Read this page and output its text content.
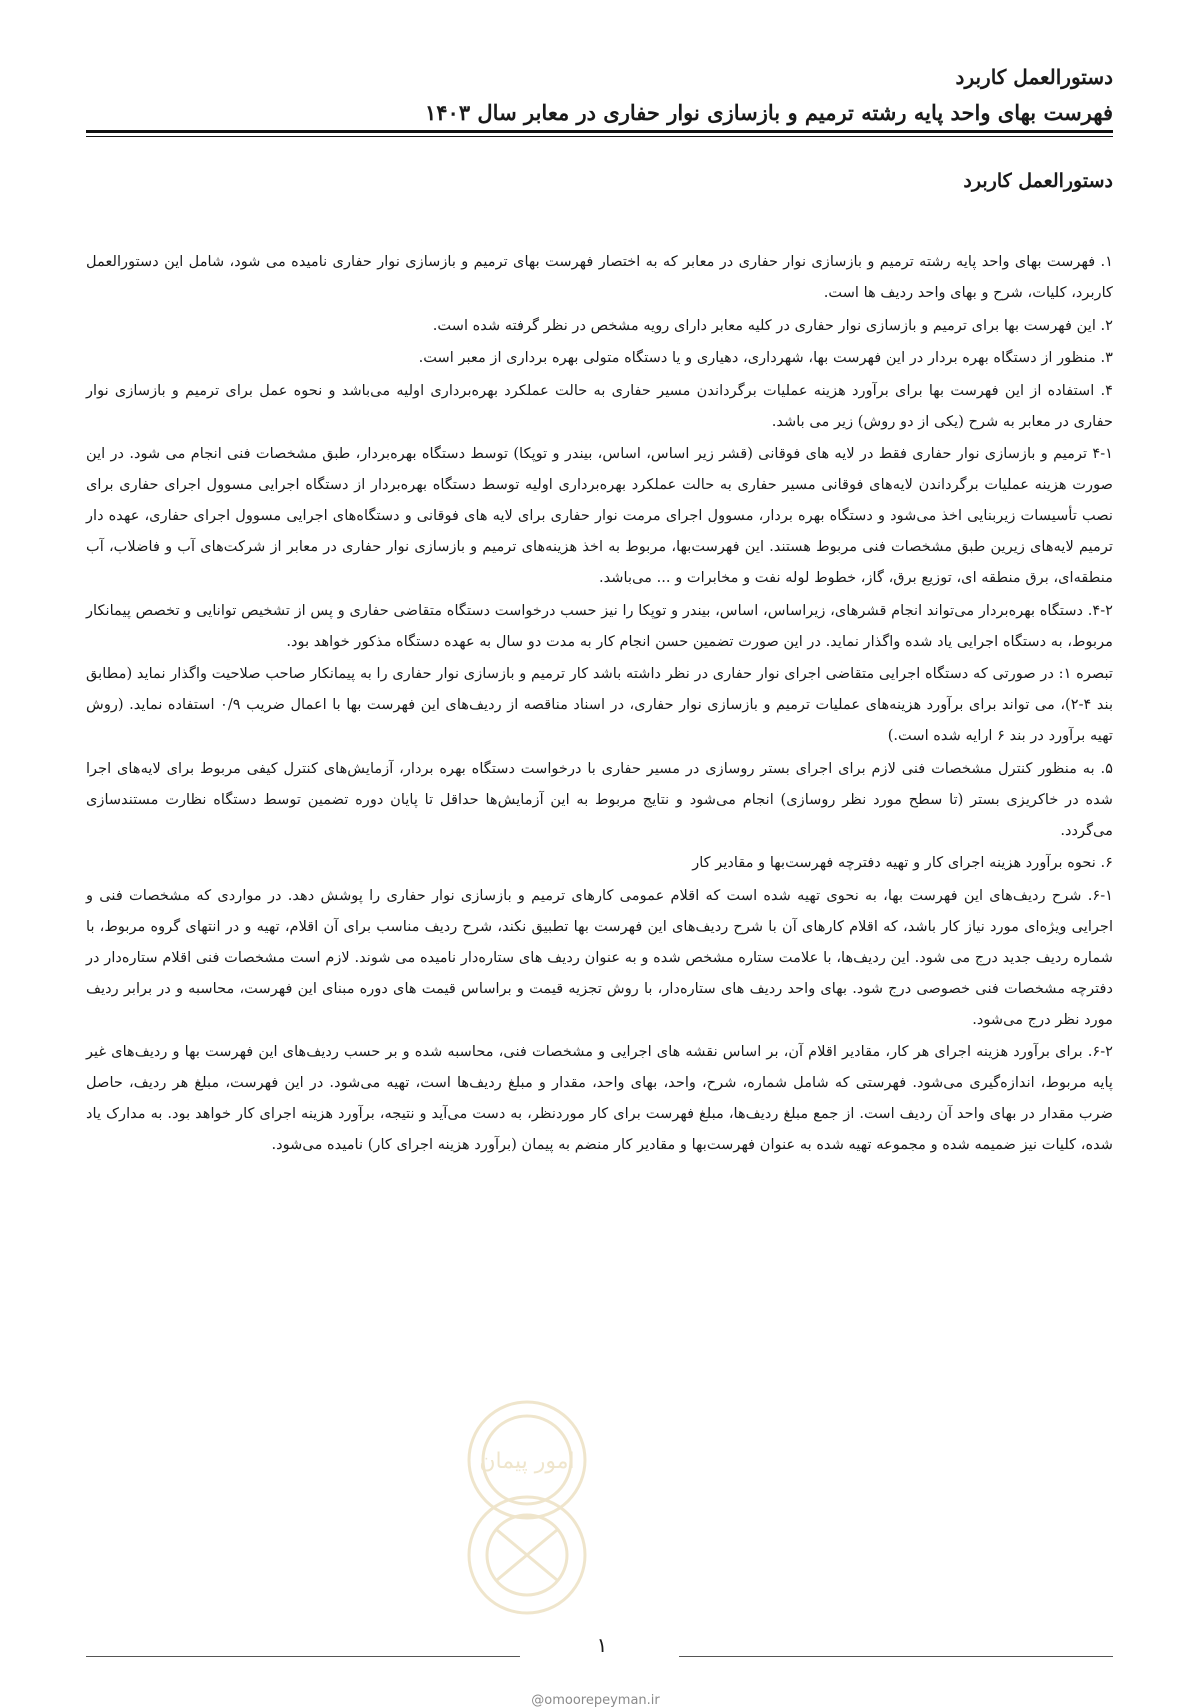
دستورالعمل کاربرد
فهرست بهای واحد پایه رشته ترمیم و بازسازی نوار حفاری در معابر سال ۱۴۰۳
دستورالعمل کاربرد

۱. فهرست بهای واحد پایه رشته ترمیم و بازسازی نوار حفاری در معابر که به اختصار فهرست بهای ترمیم و بازسازی نوار حفاری نامیده می شود، شامل این دستورالعمل کاربرد، کلیات، شرح و بهای واحد ردیف ها است.

۲. این فهرست بها برای ترمیم و بازسازی نوار حفاری در کلیه معابر دارای رویه مشخص در نظر گرفته شده است.

۳. منظور از دستگاه بهره بردار در این فهرست بها، شهرداری، دهیاری و یا دستگاه متولی بهره برداری از معبر است.

۴. استفاده از این فهرست بها برای برآورد هزینه عملیات برگرداندن مسیر حفاری به حالت عملکرد بهره‌برداری اولیه می‌باشد و نحوه عمل برای ترمیم و بازسازی نوار حفاری در معابر به شرح (یکی از دو روش) زیر می باشد.

۴-۱ ترمیم و بازسازی نوار حفاری فقط در لایه های فوقانی (قشر زیر اساس، اساس، بیندر و توپکا) توسط دستگاه بهره‌بردار، طبق مشخصات فنی انجام می شود. در این صورت هزینه عملیات برگرداندن لایه‌های فوقانی مسیر حفاری به حالت عملکرد بهره‌برداری اولیه توسط دستگاه بهره‌بردار از دستگاه اجرایی مسوول اجرای حفاری برای نصب تأسیسات زیربنایی اخذ می‌شود و دستگاه بهره بردار، مسوول اجرای مرمت نوار حفاری برای لایه های فوقانی و دستگاه‌های اجرایی مسوول اجرای حفاری، عهده دار ترمیم لایه‌های زیرین طبق مشخصات فنی مربوط هستند. این فهرست‌بها، مربوط به اخذ هزینه‌های ترمیم و بازسازی نوار حفاری در معابر از شرکت‌های آب و فاضلاب، آب منطقه‌ای، برق منطقه ای، توزیع برق، گاز، خطوط لوله نفت و مخابرات و ... می‌باشد.

۴-۲. دستگاه بهره‌بردار می‌تواند انجام قشرهای، زیراساس، اساس، بیندر و توپکا را نیز حسب درخواست دستگاه متقاضی حفاری و پس از تشخیص توانایی و تخصص پیمانکار مربوط، به دستگاه اجرایی یاد شده واگذار نماید. در این صورت تضمین حسن انجام کار به مدت دو سال به عهده دستگاه مذکور خواهد بود.

تبصره ۱: در صورتی که دستگاه اجرایی متقاضی اجرای نوار حفاری در نظر داشته باشد کار ترمیم و بازسازی نوار حفاری را به پیمانکار صاحب صلاحیت واگذار نماید (مطابق بند ۴-۲)، می تواند برای برآورد هزینه‌های عملیات ترمیم و بازسازی نوار حفاری، در اسناد مناقصه از ردیف‌های این فهرست بها با اعمال ضریب ۰/۹ استفاده نماید. (روش تهیه برآورد در بند ۶ ارایه شده است.)

۵. به منظور کنترل مشخصات فنی لازم برای اجرای بستر روسازی در مسیر حفاری با درخواست دستگاه بهره بردار، آزمایش‌های کنترل کیفی مربوط برای لایه‌های اجرا شده در خاکریزی بستر (تا سطح مورد نظر روسازی) انجام می‌شود و نتایج مربوط به این آزمایش‌ها حداقل تا پایان دوره تضمین توسط دستگاه نظارت مستندسازی می‌گردد.

۶. نحوه برآورد هزینه اجرای کار و تهیه دفترچه فهرست‌بها و مقادیر کار

۶-۱. شرح ردیف‌های این فهرست بها، به نحوی تهیه شده است که اقلام عمومی کارهای ترمیم و بازسازی نوار حفاری را پوشش دهد. در مواردی که مشخصات فنی و اجرایی ویژه‌ای مورد نیاز کار باشد، که اقلام کارهای آن با شرح ردیف‌های این فهرست بها تطبیق نکند، شرح ردیف مناسب برای آن اقلام، تهیه و در انتهای گروه مربوط، با شماره ردیف جدید درج می شود. این ردیف‌ها، با علامت ستاره مشخص شده و به عنوان ردیف های ستاره‌دار نامیده می شوند. لازم است مشخصات فنی اقلام ستاره‌دار در دفترچه مشخصات فنی خصوصی درج شود. بهای واحد ردیف های ستاره‌دار، با روش تجزیه قیمت و براساس قیمت های دوره مبنای این فهرست، محاسبه و در برابر ردیف مورد نظر درج می‌شود.

۶-۲. برای برآورد هزینه اجرای هر کار، مقادیر اقلام آن، بر اساس نقشه های اجرایی و مشخصات فنی، محاسبه شده و بر حسب ردیف‌های این فهرست بها و ردیف‌های غیر پایه مربوط، اندازه‌گیری می‌شود. فهرستی که شامل شماره، شرح، واحد، بهای واحد، مقدار و مبلغ ردیف‌ها است، تهیه می‌شود. در این فهرست، مبلغ هر ردیف، حاصل ضرب مقدار در بهای واحد آن ردیف است. از جمع مبلغ ردیف‌ها، مبلغ فهرست برای کار موردنظر، به دست می‌آید و نتیجه، برآورد هزینه اجرای کار خواهد بود. به مدارک یاد شده، کلیات نیز ضمیمه شده و مجموعه تهیه شده به عنوان فهرست‌بها و مقادیر کار منضم به پیمان (برآورد هزینه اجرای کار) نامیده می‌شود.

۱
امور پیمان
@omoorepeyman.ir
